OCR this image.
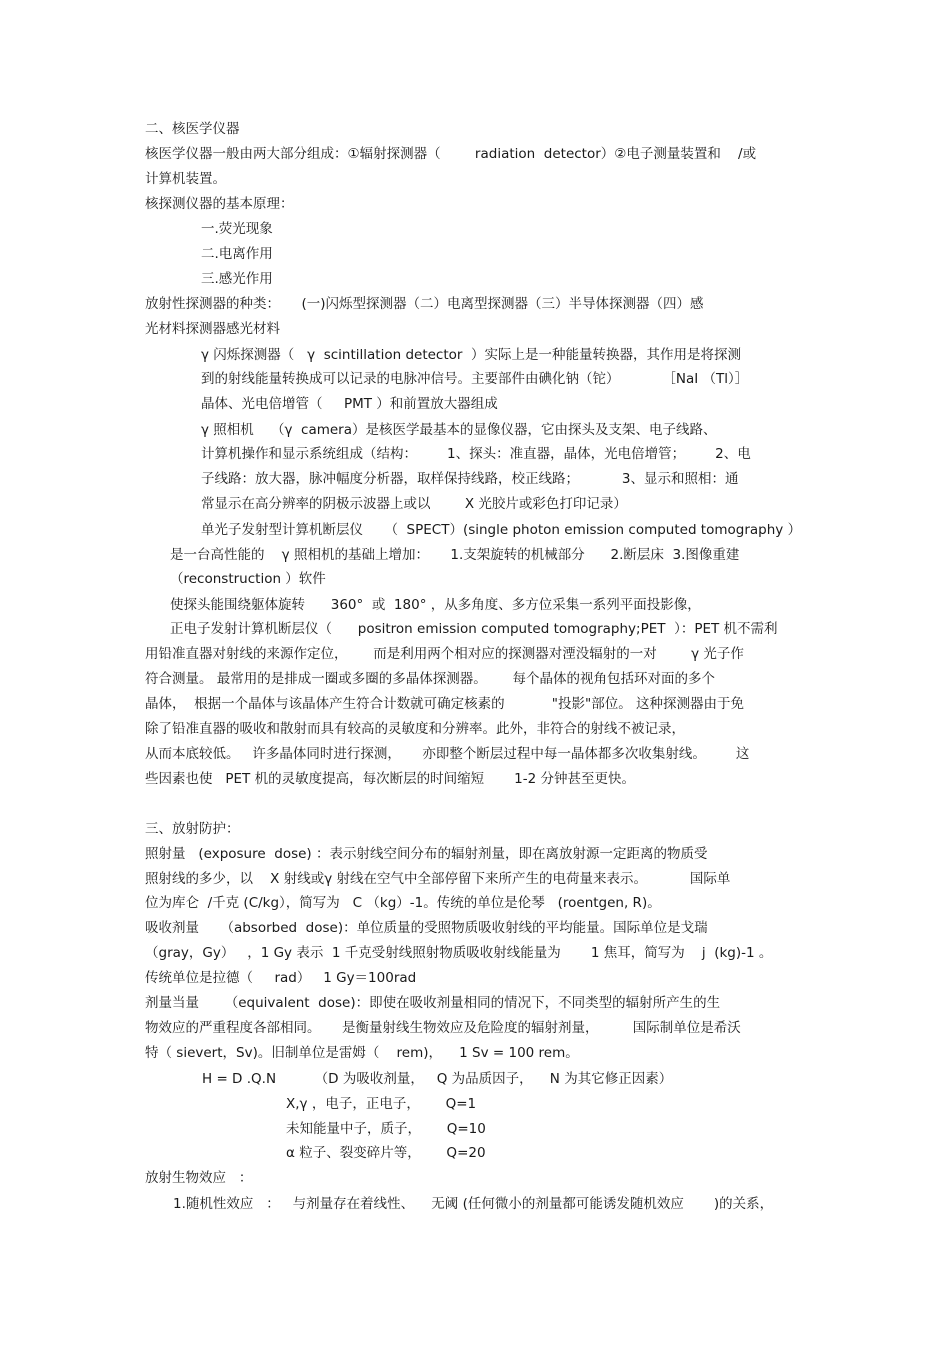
二、核医学仪器
核医学仪器一般由两大部分组成：①辐射探测器（        radiation  detector）②电子测量装置和    /或
计算机装置。
核探测仪器的基本原理：
一.荧光现象
二.电离作用
三.感光作用
放射性探测器的种类：     (一)闪烁型探测器（二）电离型探测器（三）半导体探测器（四）感
光材料探测器感光材料
γ 闪烁探测器（   γ  scintillation detector  ）实际上是一种能量转换器，其作用是将探测
到的射线能量转换成可以记录的电脉冲信号。主要部件由碘化钠（铊）          ［NaI （Tl）］
晶体、光电倍增管（     PMT ）和前置放大器组成
γ 照相机    （γ  camera）是核医学最基本的显像仪器，它由探头及支架、电子线路、
计算机操作和显示系统组成（结构：       1、探头：准直器，晶体，光电倍增管；       2、电
子线路：放大器，脉冲幅度分析器，取样保持线路，校正线路；          3、显示和照相：通
常显示在高分辨率的阴极示波器上或以        X 光胶片或彩色打印记录）
单光子发射型计算机断层仪     （  SPECT）(single photon emission computed tomography ）
是一台高性能的    γ 照相机的基础上增加：     1.支架旋转的机械部分      2.断层床  3.图像重建
（reconstruction ）软件
使探头能围绕躯体旋转      360°  或  180° ，从多角度、多方位采集一系列平面投影像，
正电子发射计算机断层仪（      positron emission computed tomography;PET  ）：PET 机不需利
用铅准直器对射线的来源作定位，      而是利用两个相对应的探测器对湮没辐射的一对        γ 光子作
符合测量。 最常用的是排成一圈或多圈的多晶体探测器。      每个晶体的视角包括环对面的多个
晶体，  根据一个晶体与该晶体产生符合计数就可确定核素的           "投影"部位。 这种探测器由于免
除了铅准直器的吸收和散射而具有较高的灵敏度和分辨率。此外，非符合的射线不被记录，
从而本底较低。   许多晶体同时进行探测，     亦即整个断层过程中每一晶体都多次收集射线。       这
些因素也使   PET 机的灵敏度提高，每次断层的时间缩短       1-2 分钟甚至更快。
三、放射防护：
照射量   (exposure  dose) ：表示射线空间分布的辐射剂量，即在离放射源一定距离的物质受
照射线的多少，以    X 射线或γ 射线在空气中全部停留下来所产生的电荷量来表示。          国际单
位为库仑  /千克 (C/kg），简写为   C （kg）-1。传统的单位是伦琴   (roentgen, R)。
吸收剂量     （absorbed  dose)：单位质量的受照物质吸收射线的平均能量。国际单位是戈瑞
（gray，Gy）   ，1 Gy 表示  1 千克受射线照射物质吸收射线能量为       1 焦耳，简写为    j  (kg)-1 。
传统单位是拉德（     rad）   1 Gy＝100rad
剂量当量      （equivalent  dose)：即使在吸收剂量相同的情况下，不同类型的辐射所产生的生
物效应的严重程度各部相同。     是衡量射线生物效应及危险度的辐射剂量，        国际制单位是希沃
特（ sievert，Sv)。旧制单位是雷姆（    rem)，    1 Sv = 100 rem。
H = D .Q.N         （D 为吸收剂量，   Q 为品质因子，    N 为其它修正因素）
X,γ ，电子，正电子，      Q=1
未知能量中子，质子，      Q=10
α 粒子、裂变碎片等，      Q=20
放射生物效应   ：
1.随机性效应   ：   与剂量存在着线性、    无阈 (任何微小的剂量都可能诱发随机效应       )的关系，
